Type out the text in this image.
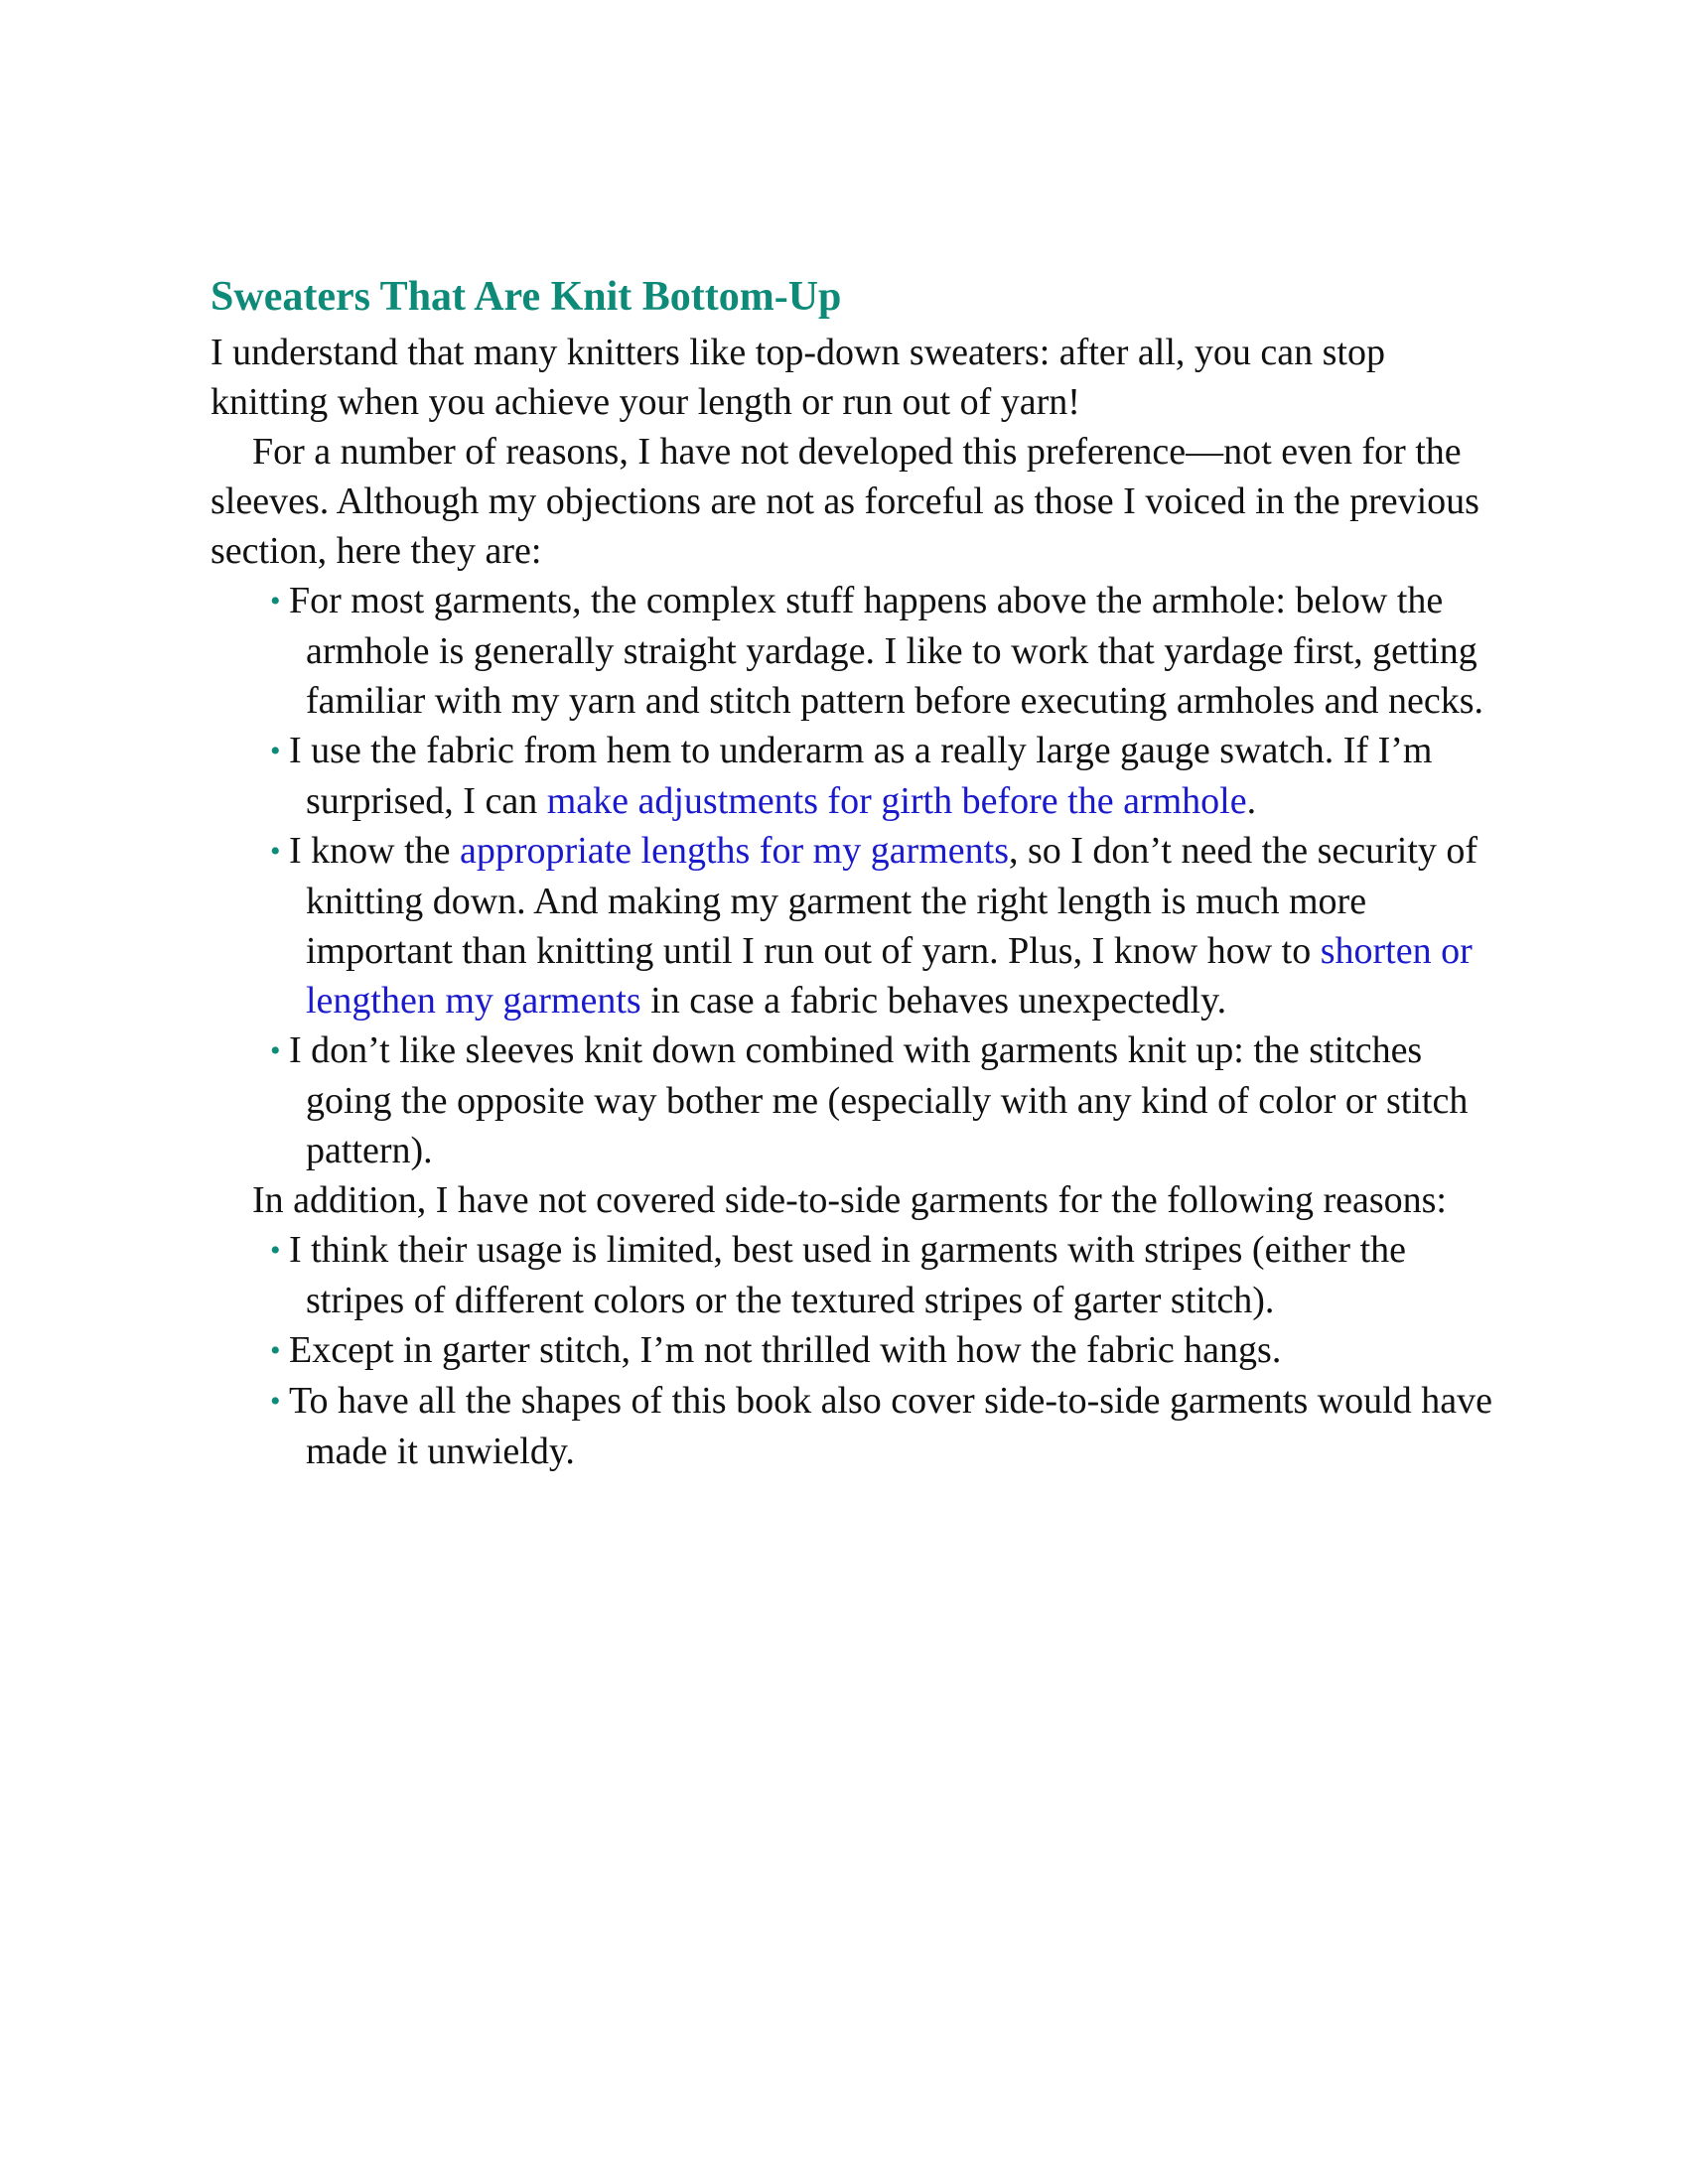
Sweaters That Are Knit Bottom-Up

I understand that many knitters like top-down sweaters: after all, you can stop knitting when you achieve your length or run out of yarn!

For a number of reasons, I have not developed this preference—not even for the sleeves. Although my objections are not as forceful as those I voiced in the previous section, here they are:

• For most garments, the complex stuff happens above the armhole: below the armhole is generally straight yardage. I like to work that yardage first, getting familiar with my yarn and stitch pattern before executing armholes and necks.
• I use the fabric from hem to underarm as a really large gauge swatch. If I’m surprised, I can make adjustments for girth before the armhole.
• I know the appropriate lengths for my garments, so I don’t need the security of knitting down. And making my garment the right length is much more important than knitting until I run out of yarn. Plus, I know how to shorten or lengthen my garments in case a fabric behaves unexpectedly.
• I don’t like sleeves knit down combined with garments knit up: the stitches going the opposite way bother me (especially with any kind of color or stitch pattern).

In addition, I have not covered side-to-side garments for the following reasons:

• I think their usage is limited, best used in garments with stripes (either the stripes of different colors or the textured stripes of garter stitch).
• Except in garter stitch, I’m not thrilled with how the fabric hangs.
• To have all the shapes of this book also cover side-to-side garments would have made it unwieldy.
